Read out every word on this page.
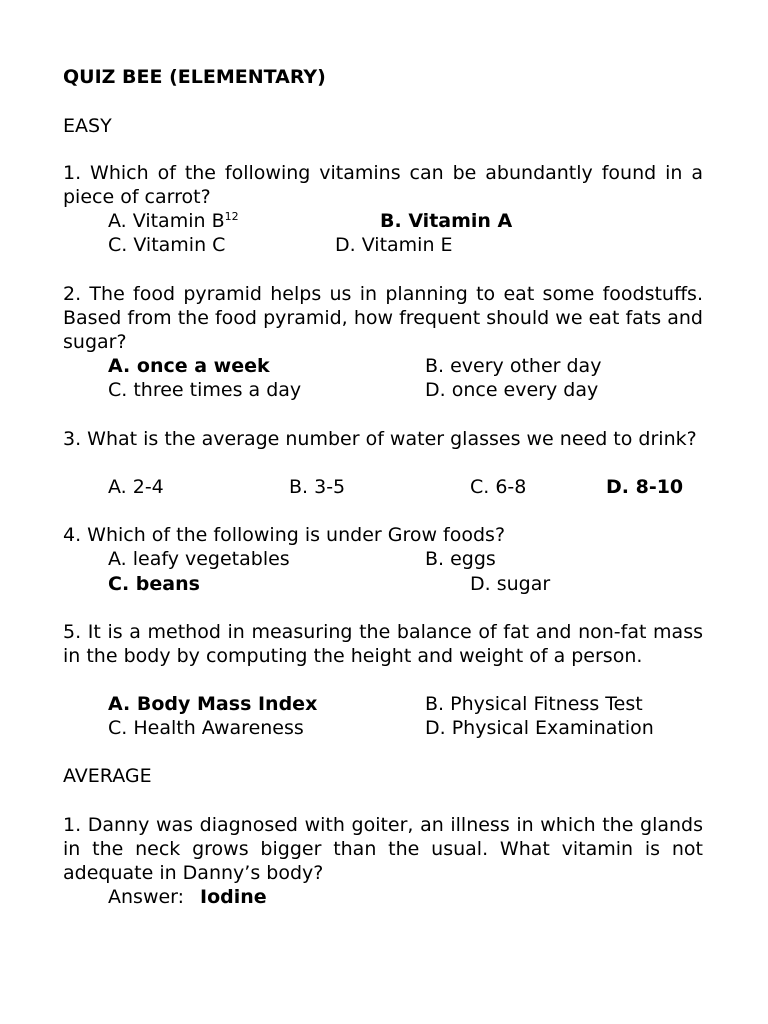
QUIZ BEE (ELEMENTARY)
EASY
1. Which of the following vitamins can be abundantly found in a piece of carrot?
A. Vitamin $B^{12}$	B. Vitamin A
C. Vitamin C	D. Vitamin E
2. The food pyramid helps us in planning to eat some foodstuffs. Based from the food pyramid, how frequent should we eat fats and sugar?
A. once a week	B. every other day
C. three times a day	D. once every day
3. What is the average number of water glasses we need to drink?
A. 2-4	B. 3-5	C. 6-8	D. 8-10
4. Which of the following is under Grow foods?
A. leafy vegetables	B. eggs
C. beans	D. sugar
5. It is a method in measuring the balance of fat and non-fat mass in the body by computing the height and weight of a person.
A. Body Mass Index	B. Physical Fitness Test
C. Health Awareness	D. Physical Examination
AVERAGE
1. Danny was diagnosed with goiter, an illness in which the glands in the neck grows bigger than the usual. What vitamin is not adequate in Danny’s body?
Answer: Iodine
